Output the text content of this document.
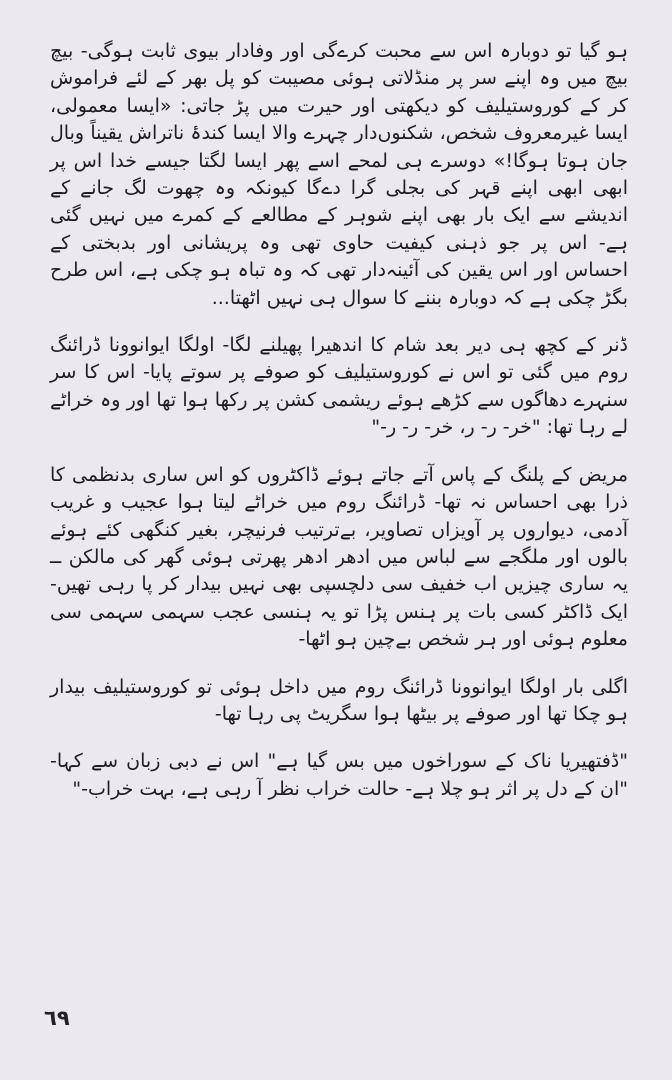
ہو گیا تو دوبارہ اس سے محبت کرےگی اور وفادار بیوی ثابت ہوگی- بیچ بیچ میں وہ اپنے سر پر منڈلاتی ہوئی مصیبت کو پل بھر کے لئے فراموش کر کے کوروستیلیف کو دیکھتی اور حیرت میں پڑ جاتی: «ایسا معمولی، ایسا غیرمعروف شخص، شکنوں‌دار چہرے والا ایسا کندۂ ناتراش یقیناً وبال جان ہوتا ہوگا!» دوسرے ہی لمحے اسے پھر ایسا لگتا جیسے خدا اس پر ابھی ابھی اپنے قہر کی بجلی گرا دےگا کیونکہ وہ چھوت لگ جانے کے اندیشے سے ایک بار بھی اپنے شوہر کے مطالعے کے کمرے میں نہیں گئی ہے- اس پر جو ذہنی کیفیت حاوی تھی وہ پریشانی اور بدبختی کے احساس اور اس یقین کی آئینہ‌دار تھی کہ وہ تباہ ہو چکی ہے، اس طرح بگڑ چکی ہے کہ دوبارہ بننے کا سوال ہی نہیں اٹھتا...

ڈنر کے کچھ ہی دیر بعد شام کا اندھیرا پھیلنے لگا- اولگا ایوانوونا ڈرائنگ روم میں گئی تو اس نے کوروستیلیف کو صوفے پر سوتے پایا- اس کا سر سنہرے دھاگوں سے کڑھے ہوئے ریشمی کشن پر رکھا ہوا تھا اور وہ خراٹے لے رہا تھا: "خر- ر- ر، خر- ر- ر-"

مریض کے پلنگ کے پاس آتے جاتے ہوئے ڈاکٹروں کو اس ساری بدنظمی کا ذرا بھی احساس نہ تھا- ڈرائنگ روم میں خراٹے لیتا ہوا عجیب و غریب آدمی، دیواروں پر آویزاں تصاویر، بےترتیب فرنیچر، بغیر کنگھی کئے ہوئے بالوں اور ملگجے سے لباس میں ادھر ادھر پھرتی ہوئی گھر کی مالکن ــ یہ ساری چیزیں اب خفیف سی دلچسپی بھی نہیں بیدار کر پا رہی تھیں- ایک ڈاکٹر کسی بات پر ہنس پڑا تو یہ ہنسی عجب سہمی سہمی سی معلوم ہوئی اور ہر شخص بےچین ہو اٹھا-

اگلی بار اولگا ایوانوونا ڈرائنگ روم میں داخل ہوئی تو کوروستیلیف بیدار ہو چکا تھا اور صوفے پر بیٹھا ہوا سگریٹ پی رہا تھا-

"ڈفتھیریا ناک کے سوراخوں میں بس گیا ہے" اس نے دبی زبان سے کہا- "ان کے دل پر اثر ہو چلا ہے- حالت خراب نظر آ رہی ہے، بہت خراب-"

٦٩
